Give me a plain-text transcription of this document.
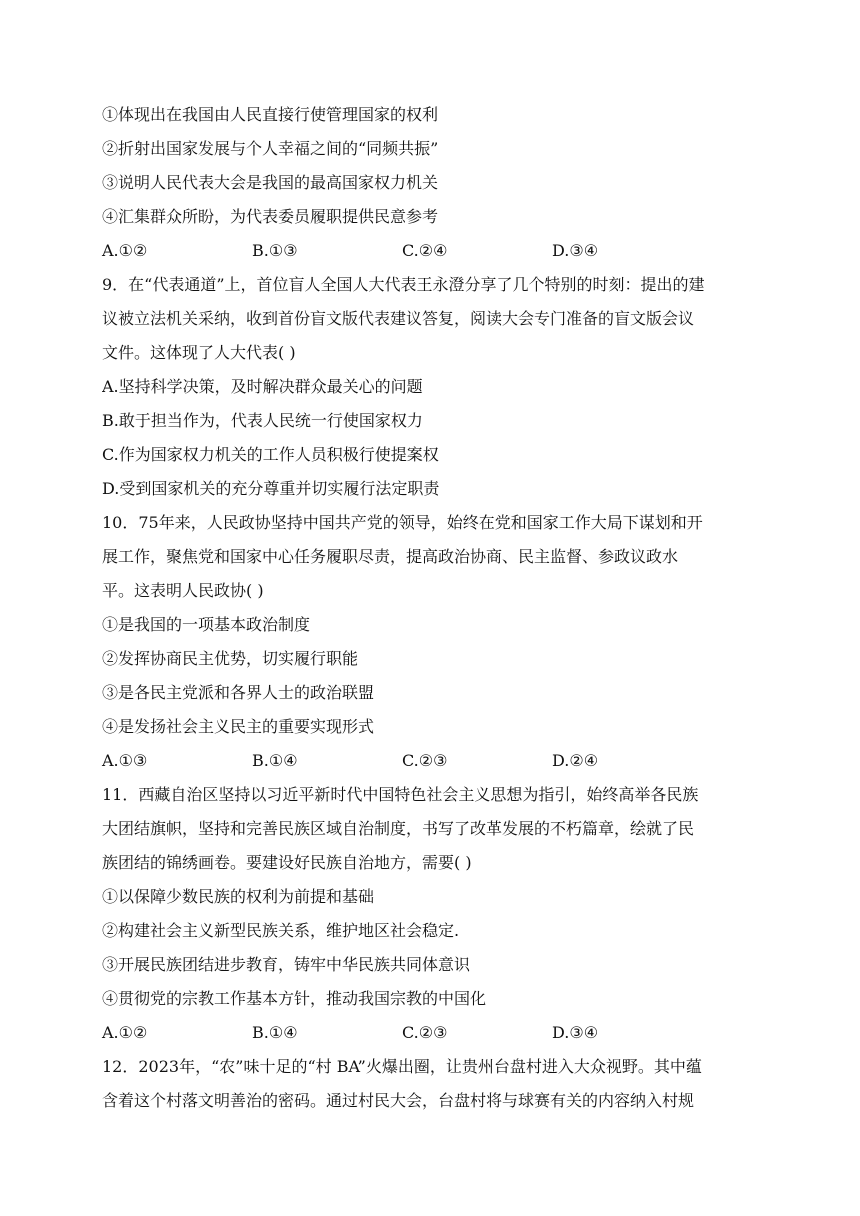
①体现出在我国由人民直接行使管理国家的权利
②折射出国家发展与个人幸福之间的“同频共振”
③说明人民代表大会是我国的最高国家权力机关
④汇集群众所盼，为代表委员履职提供民意参考
A.①②	B.①③	C.②④	D.③④
9．在“代表通道”上，首位盲人全国人大代表王永澄分享了几个特别的时刻：提出的建
议被立法机关采纳，收到首份盲文版代表建议答复，阅读大会专门准备的盲文版会议
文件。这体现了人大代表( )
A.坚持科学决策，及时解决群众最关心的问题
B.敢于担当作为，代表人民统一行使国家权力
C.作为国家权力机关的工作人员积极行使提案权
D.受到国家机关的充分尊重并切实履行法定职责
10．75年来，人民政协坚持中国共产党的领导，始终在党和国家工作大局下谋划和开
展工作，聚焦党和国家中心任务履职尽责，提高政治协商、民主监督、参政议政水
平。这表明人民政协( )
①是我国的一项基本政治制度
②发挥协商民主优势，切实履行职能
③是各民主党派和各界人士的政治联盟
④是发扬社会主义民主的重要实现形式
A.①③	B.①④	C.②③	D.②④
11．西藏自治区坚持以习近平新时代中国特色社会主义思想为指引，始终高举各民族
大团结旗帜，坚持和完善民族区域自治制度，书写了改革发展的不朽篇章，绘就了民
族团结的锦绣画卷。要建设好民族自治地方，需要( )
①以保障少数民族的权利为前提和基础
②构建社会主义新型民族关系，维护地区社会稳定.
③开展民族团结进步教育，铸牢中华民族共同体意识
④贯彻党的宗教工作基本方针，推动我国宗教的中国化
A.①②	B.①④	C.②③	D.③④
12．2023年，“农”味十足的“村 BA”火爆出圈，让贵州台盘村进入大众视野。其中蕴
含着这个村落文明善治的密码。通过村民大会，台盘村将与球赛有关的内容纳入村规
